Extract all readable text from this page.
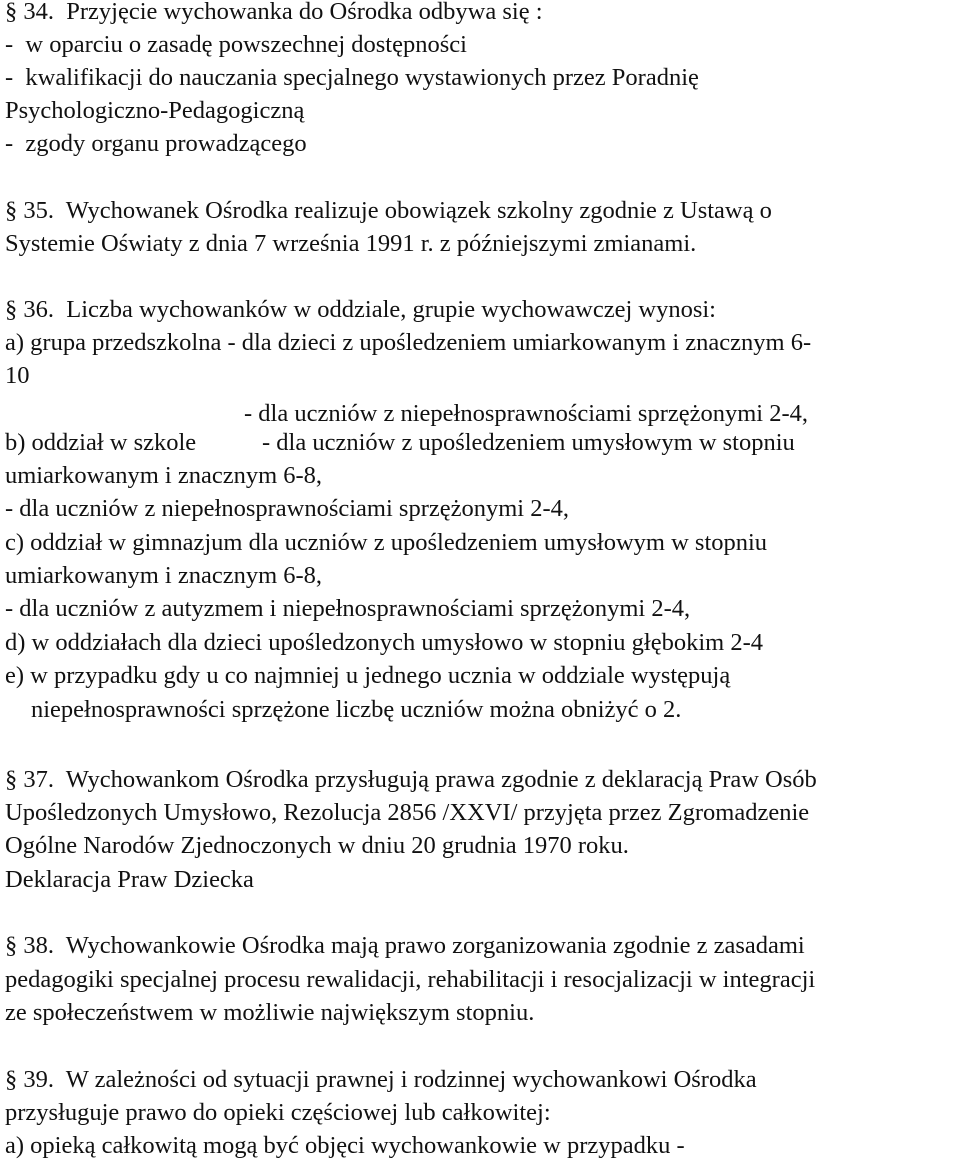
§ 34.  Przyjęcie wychowanka do Ośrodka odbywa się :
-  w oparciu o zasadę powszechnej dostępności
-  kwalifikacji do nauczania specjalnego wystawionych przez Poradnię
Psychologiczno-Pedagogiczną
-  zgody organu prowadzącego
§ 35.  Wychowanek Ośrodka realizuje obowiązek szkolny zgodnie z Ustawą o
Systemie Oświaty z dnia 7 września 1991 r. z późniejszymi zmianami.
§ 36.  Liczba wychowanków w oddziale, grupie wychowawczej wynosi:
a) grupa przedszkolna - dla dzieci z upośledzeniem umiarkowanym i znacznym 6-
10
- dla uczniów z niepełnosprawnościami sprzężonymi 2-4,
b) oddział w szkole	- dla uczniów z upośledzeniem umysłowym w stopniu
umiarkowanym i znacznym 6-8,
- dla uczniów z niepełnosprawnościami sprzężonymi 2-4,
c) oddział w gimnazjum dla uczniów z upośledzeniem umysłowym w stopniu
umiarkowanym i znacznym 6-8,
- dla uczniów z autyzmem i niepełnosprawnościami sprzężonymi 2-4,
d) w oddziałach dla dzieci upośledzonych umysłowo w stopniu głębokim 2-4
e) w przypadku gdy u co najmniej u jednego ucznia w oddziale występują
niepełnosprawności sprzężone liczbę uczniów można obniżyć o 2.
§ 37.  Wychowankom Ośrodka przysługują prawa zgodnie z deklaracją Praw Osób
Upośledzonych Umysłowo, Rezolucja 2856 /XXVI/ przyjęta przez Zgromadzenie
Ogólne Narodów Zjednoczonych w dniu 20 grudnia 1970 roku.
Deklaracja Praw Dziecka
§ 38.  Wychowankowie Ośrodka mają prawo zorganizowania zgodnie z zasadami
pedagogiki specjalnej procesu rewalidacji, rehabilitacji i resocjalizacji w integracji
ze społeczeństwem w możliwie największym stopniu.
§ 39.  W zależności od sytuacji prawnej i rodzinnej wychowankowi Ośrodka
przysługuje prawo do opieki częściowej lub całkowitej:
a) opieką całkowitą mogą być objęci wychowankowie w przypadku -
